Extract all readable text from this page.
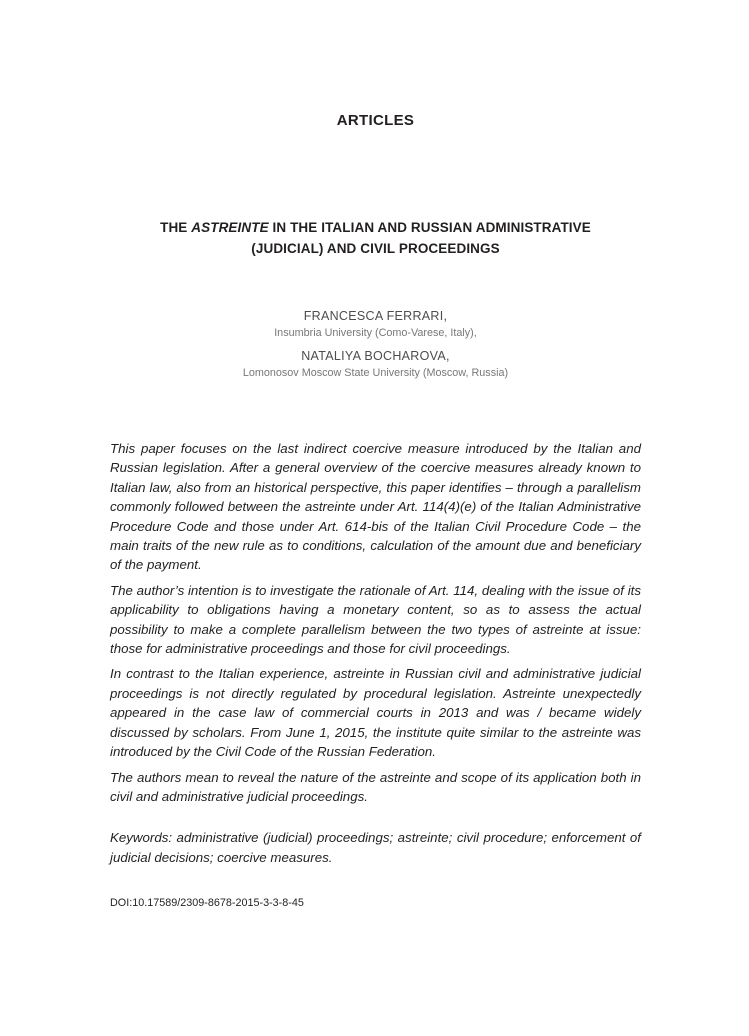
ARTICLES
THE ASTREINTE IN THE ITALIAN AND RUSSIAN ADMINISTRATIVE (JUDICIAL) AND CIVIL PROCEEDINGS
FRANCESCA FERRARI,
Insumbria University (Como-Varese, Italy),
NATALIYA BOCHAROVA,
Lomonosov Moscow State University (Moscow, Russia)

This paper focuses on the last indirect coercive measure introduced by the Italian and Russian legislation. After a general overview of the coercive measures already known to Italian law, also from an historical perspective, this paper identifies – through a parallelism commonly followed between the astreinte under Art. 114(4)(e) of the Italian Administrative Procedure Code and those under Art. 614-bis of the Italian Civil Procedure Code – the main traits of the new rule as to conditions, calculation of the amount due and beneficiary of the payment.

The author’s intention is to investigate the rationale of Art. 114, dealing with the issue of its applicability to obligations having a monetary content, so as to assess the actual possibility to make a complete parallelism between the two types of astreinte at issue: those for administrative proceedings and those for civil proceedings.

In contrast to the Italian experience, astreinte in Russian civil and administrative judicial proceedings is not directly regulated by procedural legislation. Astreinte unexpectedly appeared in the case law of commercial courts in 2013 and was / became widely discussed by scholars. From June 1, 2015, the institute quite similar to the astreinte was introduced by the Civil Code of the Russian Federation.

The authors mean to reveal the nature of the astreinte and scope of its application both in civil and administrative judicial proceedings.

Keywords: administrative (judicial) proceedings; astreinte; civil procedure; enforcement of judicial decisions; coercive measures.
DOI:10.17589/2309-8678-2015-3-3-8-45
